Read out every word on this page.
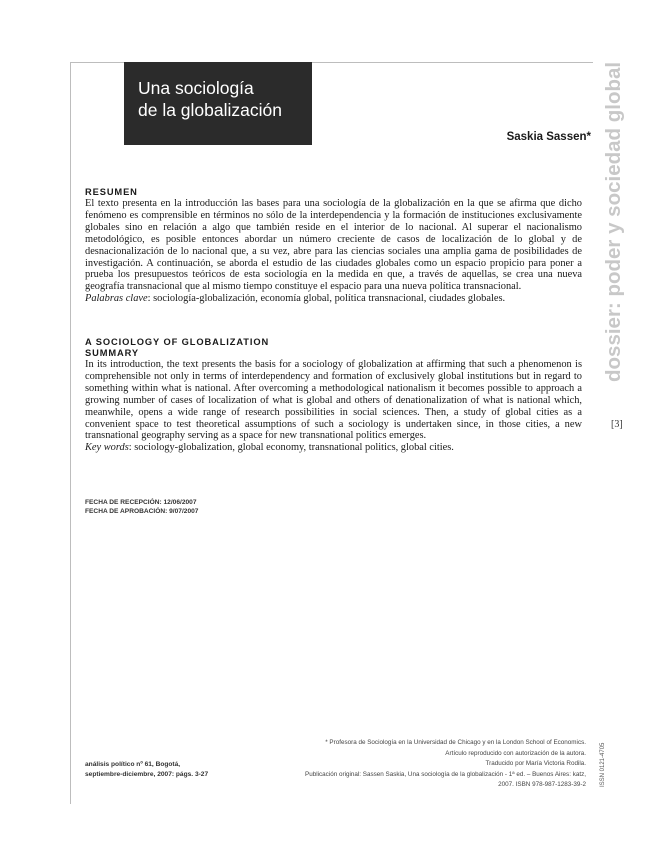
Una sociología
de la globalización
Saskia Sassen* dossier: poder y sociedad global
[3]
RESUMEN
El texto presenta en la introducción las bases para una sociología de la globalización en la que se afirma que dicho fenómeno es comprensible en términos no sólo de la interdependencia y la formación de instituciones exclusivamente globales sino en relación a algo que también reside en el interior de lo nacional. Al superar el nacionalismo metodológico, es posible entonces abordar un número creciente de casos de localización de lo global y de desnacionalización de lo nacional que, a su vez, abre para las ciencias sociales una amplia gama de posibilidades de investigación. A continuación, se aborda el estudio de las ciudades globales como un espacio propicio para poner a prueba los presupuestos teóricos de esta sociología en la medida en que, a través de aquellas, se crea una nueva geografía transnacional que al mismo tiempo constituye el espacio para una nueva política transnacional.
Palabras clave: sociología-globalización, economía global, política transnacional, ciudades globales.
A SOCIOLOGY OF GLOBALIZATION
SUMMARY
In its introduction, the text presents the basis for a sociology of globalization at affirming that such a phenomenon is comprehensible not only in terms of interdependency and formation of exclusively global institutions but in regard to something within what is national. After overcoming a methodological nationalism it becomes possible to approach a growing number of cases of localization of what is global and others of denationalization of what is national which, meanwhile, opens a wide range of research possibilities in social sciences. Then, a study of global cities as a convenient space to test theoretical assumptions of such a sociology is undertaken since, in those cities, a new transnational geography serving as a space for new transnational politics emerges.
Key words: sociology-globalization, global economy, transnational politics, global cities.
FECHA DE RECEPCIÓN: 12/06/2007
FECHA DE APROBACIÓN: 9/07/2007
* Profesora de Sociología en la Universidad de Chicago y en la London School of Economics.
Artículo reproducido con autorización de la autora.
Traducido por María Victoria Rodila.
Publicación original: Sassen Saskia, Una sociología de la globalización - 1ª ed. – Buenos Aires: katz,
2007. ISBN 978-987-1283-39-2
análisis político nº 61, Bogotá,
septiembre-diciembre, 2007: págs. 3-27	ISSN 0121-4705
